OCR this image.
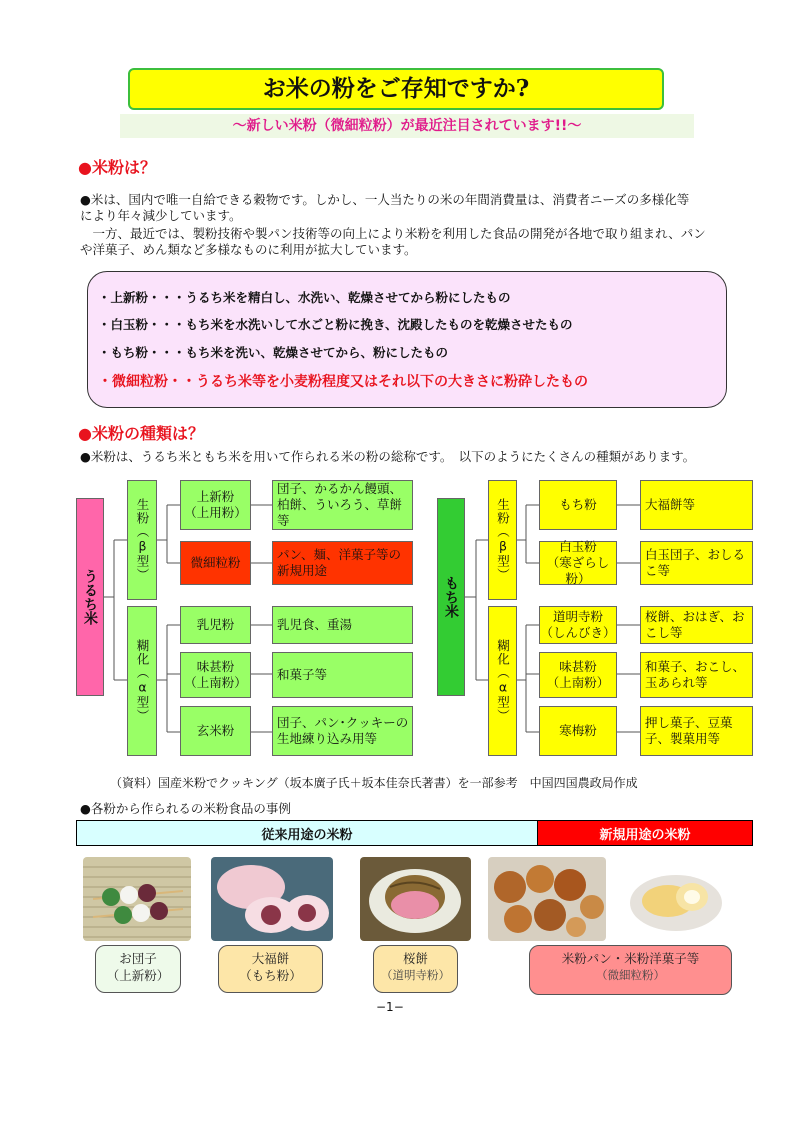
お米の粉をご存知ですか?
〜新しい米粉（微細粒粉）が最近注目されています!!〜
●米粉は？
●米は、国内で唯一自給できる穀物です。しかし、一人当たりの米の年間消費量は、消費者ニーズの多様化等
により年々減少しています。
　一方、最近では、製粉技術や製パン技術等の向上により米粉を利用した食品の開発が各地で取り組まれ、パン
や洋菓子、めん類など多様なものに利用が拡大しています。
・上新粉・・・うるち米を精白し、水洗い、乾燥させてから粉にしたもの
・白玉粉・・・もち米を水洗いして水ごと粉に挽き、沈殿したものを乾燥させたもの
・もち粉・・・もち米を洗い、乾燥させてから、粉にしたもの
・微細粒粉・・うるち米等を小麦粉程度又はそれ以下の大きさに粉砕したもの
●米粉の種類は？
●米粉は、うるち米ともち米を用いて作られる米の粉の総称です。　以下のようにたくさんの種類があります。
うるち米
生粉（β型）
糊化（α型）
上新粉
（上用粉）
団子、かるかん饅頭、柏餅、ういろう、草餅等
微細粒粉
パン、麺、洋菓子等の新規用途
乳児粉	乳児食、重湯
味甚粉
（上南粉）
和菓子等
玄米粉
団子、パン･クッキーの生地練り込み用等
もち米
生粉（β型）
糊化（α型）
もち粉	大福餅等
白玉粉
（寒ざらし粉）
白玉団子、おしるこ等
道明寺粉
（しんびき）
桜餅、おはぎ、おこし等
味甚粉
（上南粉）
和菓子、おこし、玉あられ等
寒梅粉
押し菓子、豆菓子、製菓用等
（資料）国産米粉でクッキング（坂本廣子氏＋坂本佳奈氏著書）を一部参考　中国四国農政局作成
●各粉から作られるの米粉食品の事例
従来用途の米粉	新規用途の米粉
お団子
（上新粉）
大福餅
（もち粉）
桜餅
（道明寺粉）
米粉パン・米粉洋菓子等
（微細粒粉）
−1−
